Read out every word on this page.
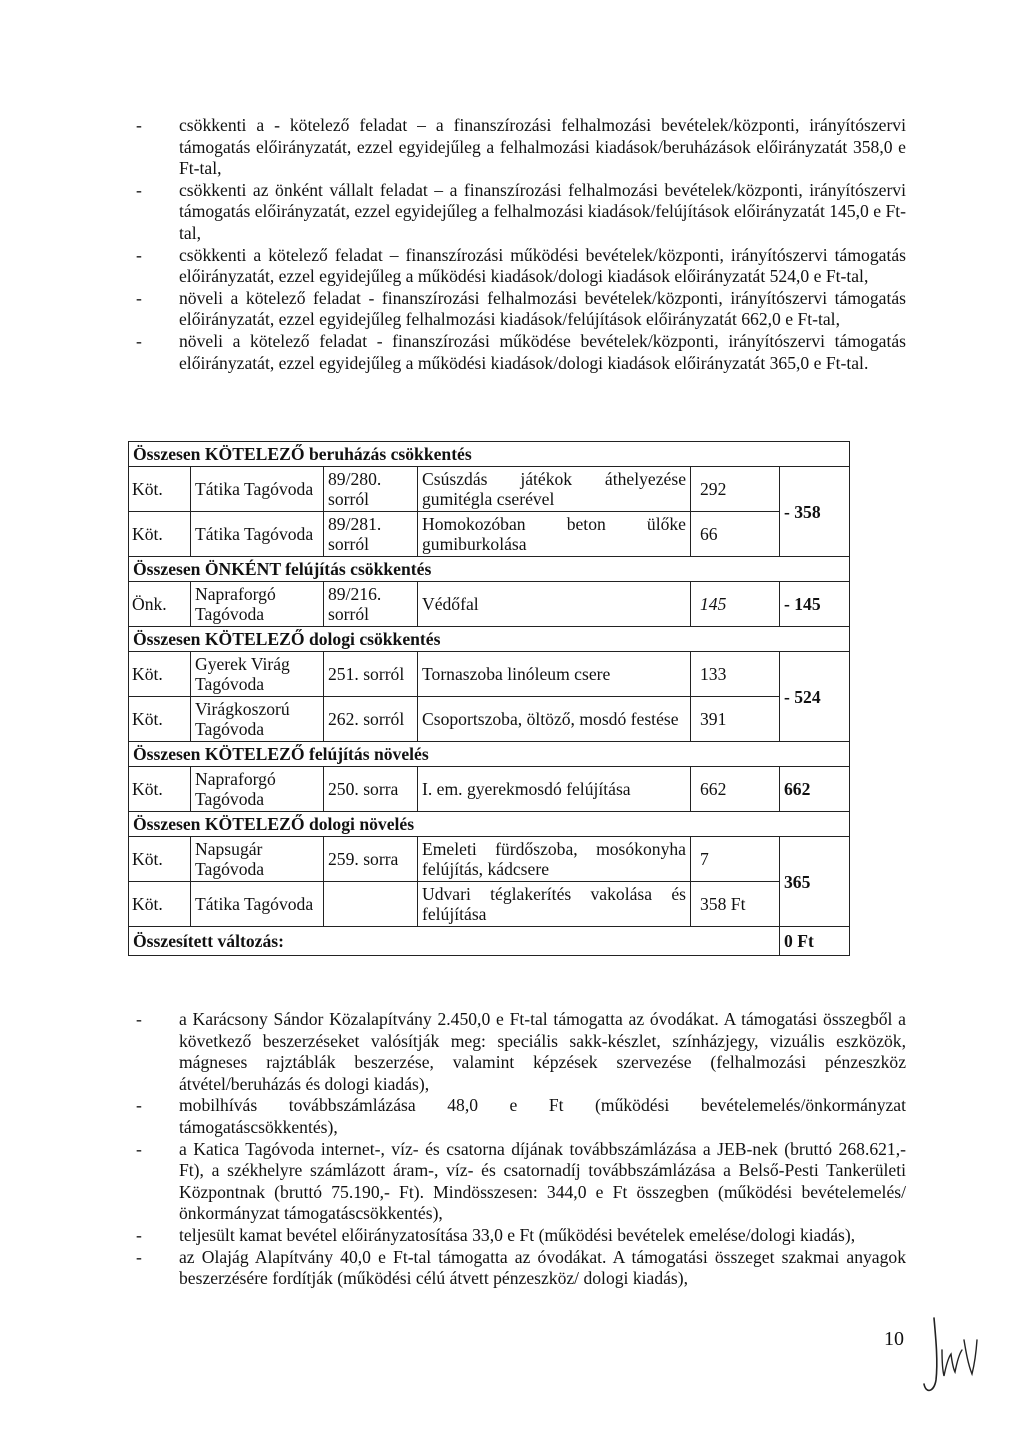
- csökkenti a - kötelező feladat – a finanszírozási felhalmozási bevételek/központi, irányítószervi támogatás előirányzatát, ezzel egyidejűleg a felhalmozási kiadások/beruházások előirányzatát 358,0 e Ft-tal,
- csökkenti az önként vállalt feladat – a finanszírozási felhalmozási bevételek/központi, irányítószervi támogatás előirányzatát, ezzel egyidejűleg a felhalmozási kiadások/felújítások előirányzatát 145,0 e Ft-tal,
- csökkenti a kötelező feladat – finanszírozási működési bevételek/központi, irányítószervi támogatás előirányzatát, ezzel egyidejűleg a működési kiadások/dologi kiadások előirányzatát 524,0 e Ft-tal,
- növeli a kötelező feladat - finanszírozási felhalmozási bevételek/központi, irányítószervi támogatás előirányzatát, ezzel egyidejűleg felhalmozási kiadások/felújítások előirányzatát 662,0 e Ft-tal,
- növeli a kötelező feladat - finanszírozási működése bevételek/központi, irányítószervi támogatás előirányzatát, ezzel egyidejűleg a működési kiadások/dologi kiadások előirányzatát 365,0 e Ft-tal.
Összesen KÖTELEZŐ beruházás csökkentés					
Köt.	Tátika Tagóvoda	89/280. sorról	Csúszdás játékok áthelyezése gumitégla cserével	292	- 358
Köt.	Tátika Tagóvoda	89/281. sorról	Homokozóban beton ülőke gumiburkolása	66	
Összesen ÖNKÉNT felújítás csökkentés					
Önk.	Napraforgó Tagóvoda	89/216. sorról	Védőfal	145	- 145
Összesen KÖTELEZŐ dologi csökkentés					
Köt.	Gyerek Virág Tagóvoda	251. sorról	Tornaszoba linóleum csere	133	- 524
Köt.	Virágkoszorú Tagóvoda	262. sorról	Csoportszoba, öltöző, mosdó festése	391	
Összesen KÖTELEZŐ felújítás növelés					
Köt.	Napraforgó Tagóvoda	250. sorra	I. em. gyerekmosdó felújítása	662	662
Összesen KÖTELEZŐ dologi növelés					
Köt.	Napsugár Tagóvoda	259. sorra	Emeleti fürdőszoba, mosókonyha felújítás, kádcsere	7	365
Köt.	Tátika Tagóvoda		Udvari téglakerítés vakolása és felújítása	358 Ft	
Összesített változás:					0 Ft
- a Karácsony Sándor Közalapítvány 2.450,0 e Ft-tal támogatta az óvodákat. A támogatási összegből a következő beszerzéseket valósítják meg: speciális sakk-készlet, színházjegy, vizuális eszközök, mágneses rajztáblák beszerzése, valamint képzések szervezése (felhalmozási pénzeszköz átvétel/beruházás és dologi kiadás),
- mobilhívás továbbszámlázása 48,0 e Ft (működési bevételemelés/önkormányzat támogatáscsökkentés),
- a Katica Tagóvoda internet-, víz- és csatorna díjának továbbszámlázása a JEB-nek (bruttó 268.621,- Ft), a székhelyre számlázott áram-, víz- és csatornadíj továbbszámlázása a Belső-Pesti Tankerületi Központnak (bruttó 75.190,- Ft). Mindösszesen: 344,0 e Ft összegben (működési bevételemelés/önkormányzat támogatáscsökkentés),
- teljesült kamat bevétel előirányzatosítása 33,0 e Ft (működési bevételek emelése/dologi kiadás),
- az Olajág Alapítvány 40,0 e Ft-tal támogatta az óvodákat. A támogatási összeget szakmai anyagok beszerzésére fordítják (működési célú átvett pénzeszköz/ dologi kiadás),
10
